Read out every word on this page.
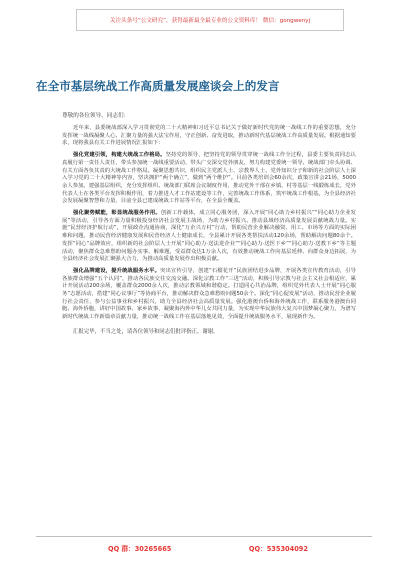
关注头条号“公文研究”，获得最新最全最专业的公文资料库！ 微信：gongwenyj
在全市基层统战工作高质量发展座谈会上的发言
尊敬的各位领导、同志们：

近年来，县委统战部深入学习贯彻党的二十大精神和习近平总书记关于做好新时代党的统一战线工作的重要思想，充分发挥统一战线凝聚人心、汇聚力量的强大法宝作用，守正创新、奋发进取，推动新时代基层统战工作高质量发展。根据通知要求，现将我县有关工作进展情况汇报如下：

强化党建引领，构建大统战工作格局。坚持党的领导，把坚持党的领导贯穿统一战线工作全过程，县委主要负责同志认真履行第一责任人责任，带头参加统一战线重要活动，带头广交深交党外朋友，努力构建党委统一领导、统战部门牵头协调、有关方面各负其责的大统战工作格局。凝聚思想共识，组织民主党派人士、宗教界人士、党外知识分子和新的社会阶层人士深入学习党的二十大精神等内容，坚决拥护“两个确立”，做到“两个维护”。目前各类培训会60余次，政策宣讲会21场，5000余人参加。建强基层组织，充分发挥组织、统战部门联席会议制度作用，推动党外干部在乡镇、村等基层一线锻炼成长，党外代表人士在各类平台发挥积极作用，着力推进人才工作站建设等工作，完善统战工作体系，筑牢统战工作根基，为全县经济社会发展凝聚智慧和力量，目前全县已建成统战工作站等平台，在全县全覆盖。

强化聚势赋能，彰显统战服务作用。创新工作载体，成立同心服务团，深入开展“同心助力乡村振兴”“同心助力企业发展”等活动，引导各方面力量积极投身经济社会发展主战场，为助力乡村振兴、推动县域经济高质量发展贡献统战力量。实施“民营经济护航行动”，开展政企沟通协商，深化“万企兴万村”行动，帮助民营企业解决融资、用工、市场等方面的实际困难和问题，推动民营经济健康发展和民营经济人士健康成长，全县累计开展各类帮扶活动120余场，帮助解决问题80余个。发挥“同心”品牌效应，组织新的社会阶层人士开展“同心助力·送法进企业”“同心助力·送医下乡”“同心助力·送教下乡”等主题活动，聚焦群众急难愁盼问题办实事、解难题，受益群众达1万余人次，有效推动统战工作向基层延伸、向群众身边拓展，为全县经济社会发展汇聚强大合力，为推动高质量发展作出积极贡献。

强化品牌建设，提升统战服务水平。突出宣传引导，创建“石榴花开”民族团结进步品牌，开展各类宣传教育活动，引导各族群众增强“五个认同”，推动各民族交往交流交融。深化宗教工作“三进”活动，积极引导宗教与社会主义社会相适应，累计开展活动200余场，覆盖群众2000余人次，推动宗教领域和谐稳定。打造同心共治品牌，组织党外代表人士开展“同心服务”志愿活动，搭建“同心议事厅”等协商平台，推动解决群众急难愁盼问题50余个。深化“同心促发展”活动，推动民营企业履行社会责任，参与公益事业和乡村振兴，助力全县经济社会高质量发展。强化港澳台侨和海外统战工作，联系服务港澳台同胞、海外侨胞，讲好中国故事、家乡故事，凝聚海内外中华儿女共同力量，为实现中华民族伟大复兴中国梦凝心聚力，为谱写新时代统战工作新篇章贡献力量，推动统一战线工作在基层落地见效，全面提升统战服务水平，展现新作为。

汇报完毕，不当之处，请各位领导和同志们批评指正，谢谢。
QQ 群：30265665	QQ：535304092
